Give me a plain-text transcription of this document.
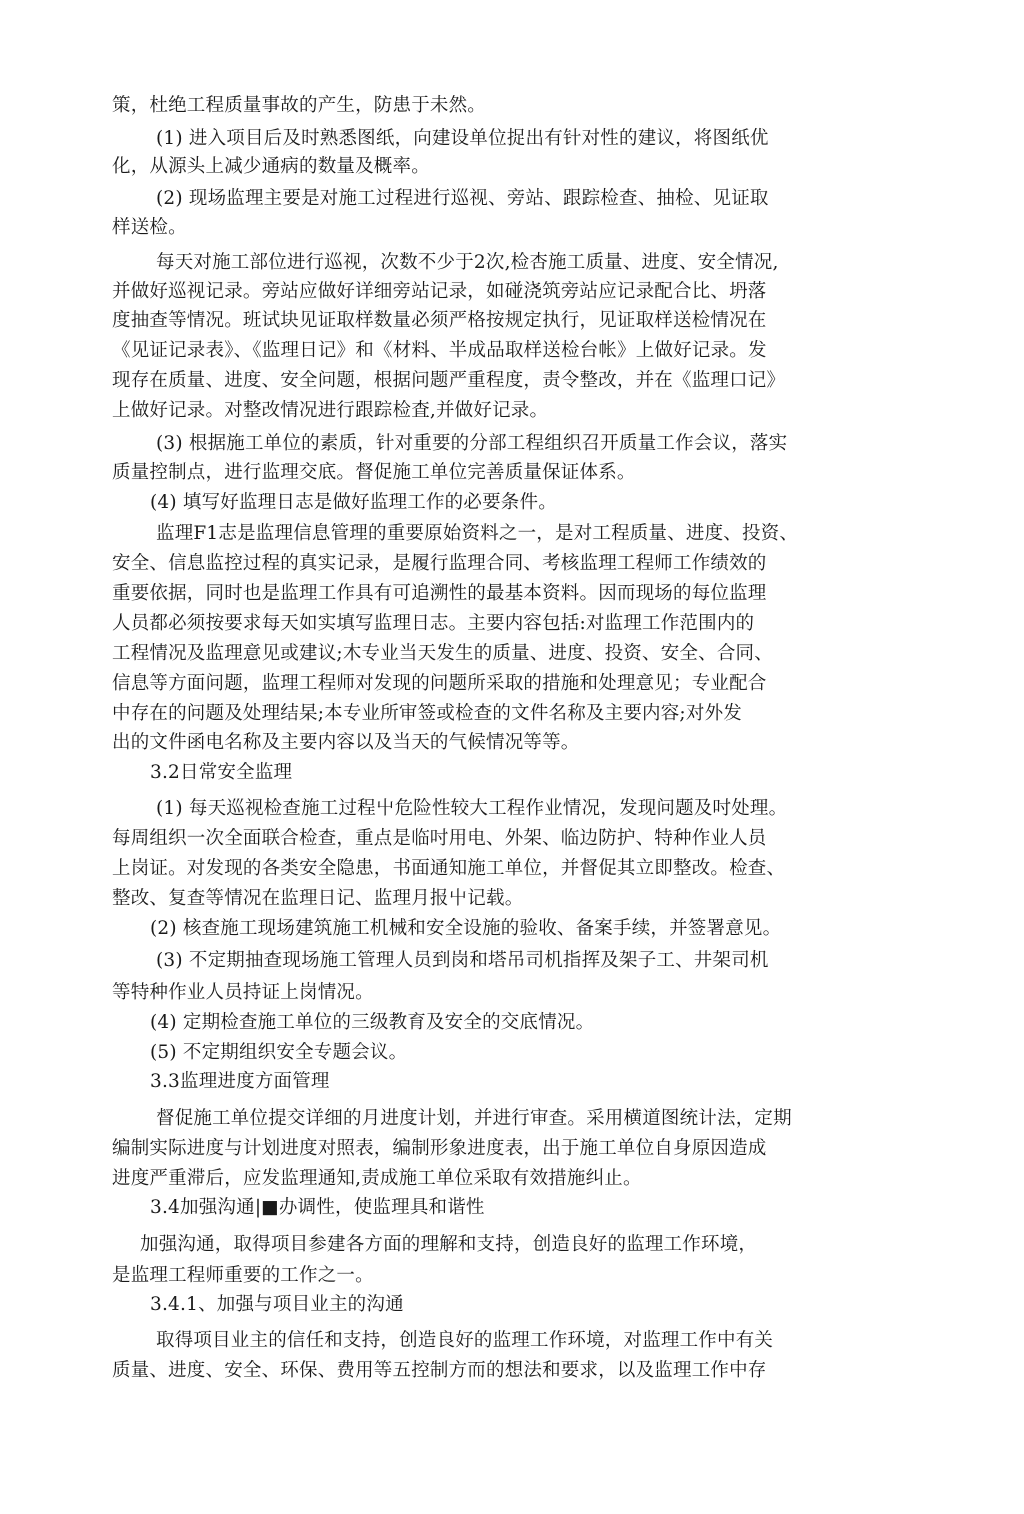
策，杜绝工程质量事故的产生，防患于未然。
(1) 进入项目后及时熟悉图纸，向建设单位捉出有针对性的建议，将图纸优
化，从源头上减少通病的数量及概率。
(2) 现场监理主要是对施工过程进行巡视、旁站、跟踪检查、抽检、见证取
样送检。
每天对施工部位进行巡视，次数不少于2次,检杏施工质量、进度、安全情况,
并做好巡视记录。旁站应做好详细旁站记录，如碰浇筑旁站应记录配合比、坍落
度抽查等情况。班试块见证取样数量必须严格按规定执行，见证取样送检情况在
《见证记录表》、《监理日记》和《材料、半成品取样送检台帐》上做好记录。发
现存在质量、进度、安全问题，根据问题严重程度，责令整改，并在《监理口记》
上做好记录。对整改情况进行跟踪检査,并做好记录。
(3) 根据施工单位的素质，针对重要的分部工程组织召开质量工作会议，落实
质量控制点，进行监理交底。督促施工单位完善质量保证体系。
(4) 填写好监理日志是做好监理工作的必要条件。
监理F1志是监理信息管理的重要原始资料之一，是对工程质量、进度、投资、
安全、信息监控过程的真实记录，是履行监理合同、考核监理工程师工作绩效的
重要依据，同时也是监理工作具有可追溯性的最基本资料。因而现场的每位监理
人员都必须按要求每天如实填写监理日志。主要内容包括:对监理工作范围内的
工程情况及监理意见或建议;木专业当天发生的质量、进度、投资、安全、合同、
信息等方面问题，监理工程师对发现的问题所采取的措施和处理意见；专业配合
中存在的问题及处理结杲;本专业所审签或检查的文件名称及主要内容;对外发
出的文件函电名称及主要内容以及当天的气候情况等等。
3.2日常安全监理
(1) 每天巡视检查施工过程屮危险性较大工程作业情况，发现问题及吋处理。
每周组织一次全面联合检查，重点是临吋用电、外架、临边防护、特种作业人员
上岗证。对发现的各类安全隐患，书面通知施工单位，并督促其立即整改。检查、
整改、复查等情况在监理日记、监理月报屮记载。
(2) 核查施工现场建筑施工机械和安全设施的验收、备案手续，并签署意见。
(3) 不定期抽查现场施工管理人员到岗和塔吊司机指挥及架子工、井架司机
等特种作业人员持证上岗情况。
(4) 定期检查施工单位的三级教育及安全的交底情况。
(5) 不定期组织安全专题会议。
3.3监理进度方面管理
督促施工单位提交详细的月进度计划，并进行审查。采用横道图统计法，定期
编制实际进度与计划进度对照表，编制形象进度表，出于施工单位自身原因造成
进度严重滞后，应发监理通知,责成施工单位采取有效措施纠止。
3.4加强沟通|■办调性，使监理具和谐性
加强沟通，取得项目参建各方面的理解和支持，创造良好的监理工作环境，
是监理工程师重要的工作之一。
3.4.1、加强与项目业主的沟通
取得项目业主的信任和支持，创造良好的监理工作环境，对监理工作中有关
质量、进度、安全、环保、费用等五控制方而的想法和要求，以及监理工作中存
